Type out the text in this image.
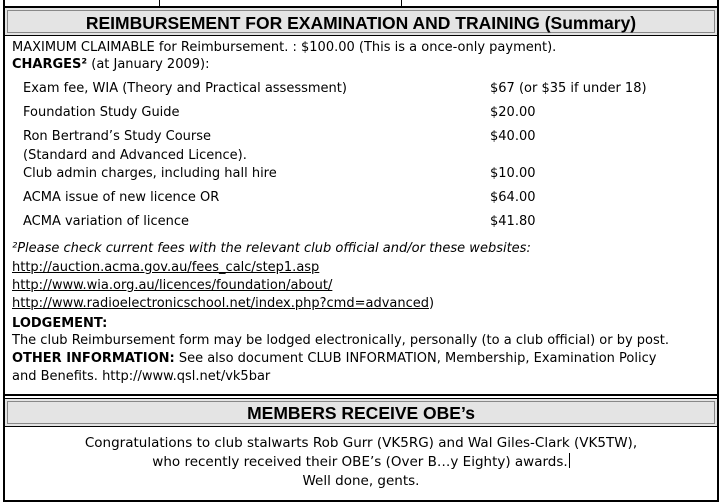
REIMBURSEMENT FOR EXAMINATION AND TRAINING (Summary)
MAXIMUM CLAIMABLE for Reimbursement. : $100.00 (This is a once-only payment).
CHARGES² (at January 2009):
Exam fee, WIA (Theory and Practical assessment)	$67 (or $35 if under 18)
Foundation Study Guide	$20.00
Ron Bertrand’s Study Course	$40.00
(Standard and Advanced Licence).
Club admin charges, including hall hire	$10.00
ACMA issue of new licence OR	$64.00
ACMA variation of licence	$41.80
²Please check current fees with the relevant club official and/or these websites:
http://auction.acma.gov.au/fees_calc/step1.asp
http://www.wia.org.au/licences/foundation/about/
http://www.radioelectronicschool.net/index.php?cmd=advanced)
LODGEMENT:
The club Reimbursement form may be lodged electronically, personally (to a club official) or by post.
OTHER INFORMATION: See also document CLUB INFORMATION, Membership, Examination Policy
and Benefits. http://www.qsl.net/vk5bar
MEMBERS RECEIVE OBE’s
Congratulations to club stalwarts Rob Gurr (VK5RG) and Wal Giles-Clark (VK5TW),
who recently received their OBE’s (Over B…y Eighty) awards.
Well done, gents.
